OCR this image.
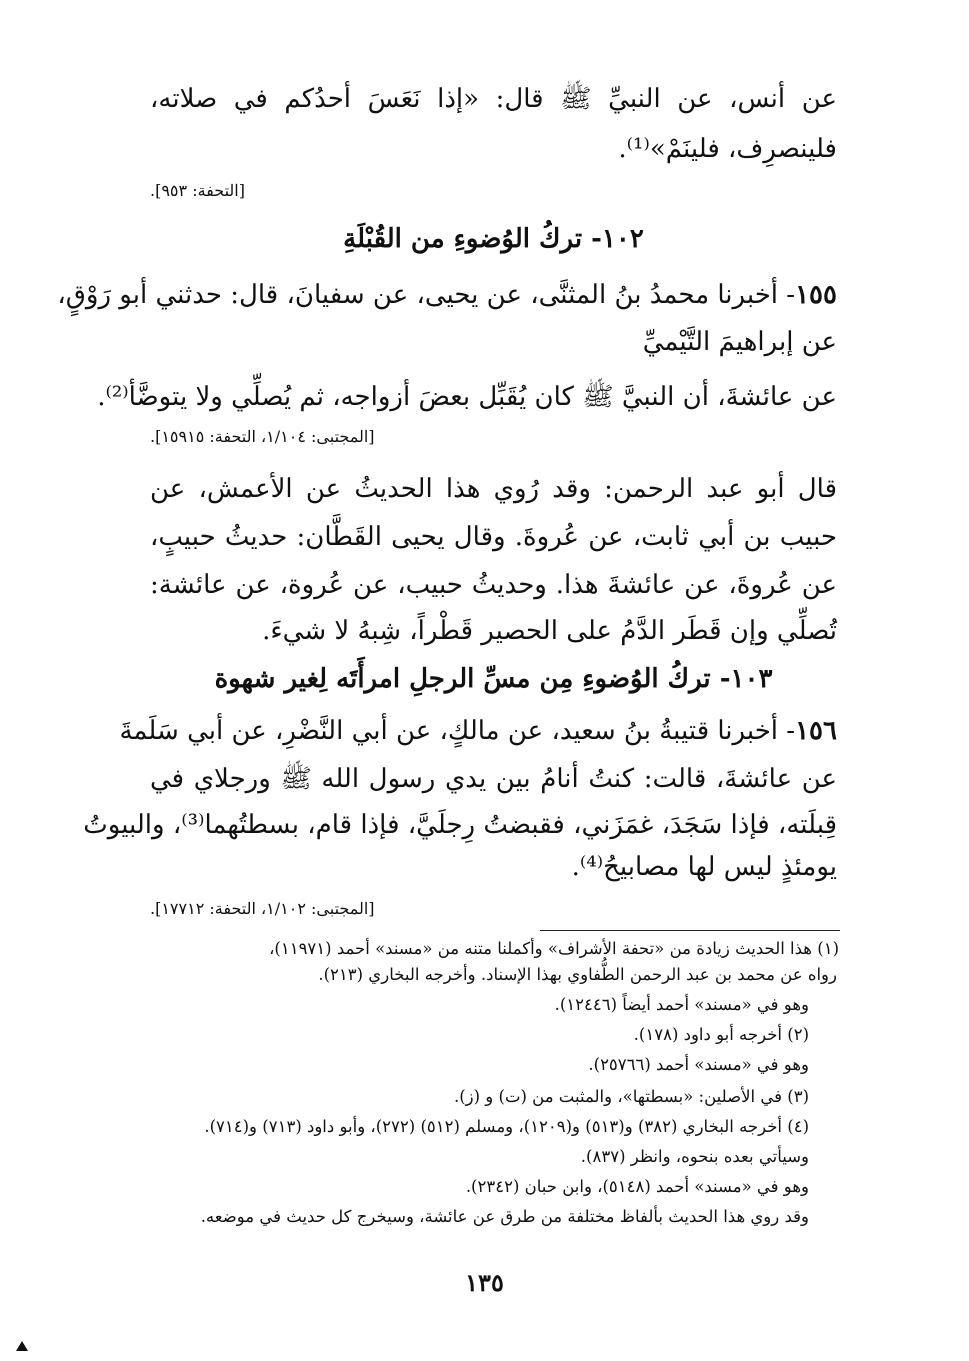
عن أنس، عن النبيِّ ﷺ قال: «إذا نَعَسَ أحدُكم في صلاته،
فلينصرِف، فلينَمْ»⁽¹⁾.
[التحفة: ٩٥٣].
١٠٢- تركُ الوُضوءِ من القُبْلَةِ
١٥٥- أخبرنا محمدُ بنُ المثنَّى، عن يحيى، عن سفيانَ، قال: حدثني أبو رَوْقٍ،
عن إبراهيمَ التَّيْميِّ
عن عائشةَ، أن النبيَّ ﷺ كان يُقَبِّل بعضَ أزواجه، ثم يُصلِّي ولا يتوضَّأ⁽²⁾.
[المجتبى: ١/١٠٤، التحفة: ١٥٩١٥].
قال أبو عبد الرحمن: وقد رُوي هذا الحديثُ عن الأعمش، عن
حبيب بن أبي ثابت، عن عُروةَ. وقال يحيى القَطَّان: حديثُ حبيبٍ،
عن عُروةَ، عن عائشةَ هذا. وحديثُ حبيب، عن عُروة، عن عائشة:
تُصلِّي وإن قَطَر الدَّمُ على الحصير قَطْراً، شِبهُ لا شيءَ.
١٠٣- تركُ الوُضوءِ مِن مسِّ الرجلِ امرأَتَه لِغير شهوة
١٥٦- أخبرنا قتيبةُ بنُ سعيد، عن مالكٍ، عن أبي النَّضْرِ، عن أبي سَلَمةَ
عن عائشةَ، قالت: كنتُ أنامُ بين يدي رسول الله ﷺ ورجلاي في
قِبلَته، فإذا سَجَدَ، غمَزَني، فقبضتُ رِجلَيَّ، فإذا قام، بسطتُهما⁽³⁾، والبيوتُ
يومئذٍ ليس لها مصابيحُ⁽⁴⁾.
[المجتبى: ١/١٠٢، التحفة: ١٧٧١٢].
(١) هذا الحديث زيادة من «تحفة الأشراف» وأكملنا متنه من «مسند» أحمد (١١٩٧١)،
رواه عن محمد بن عبد الرحمن الطُّفاوي بهذا الإسناد. وأخرجه البخاري (٢١٣).
وهو في «مسند» أحمد أيضاً (١٢٤٤٦).
(٢) أخرجه أبو داود (١٧٨).
وهو في «مسند» أحمد (٢٥٧٦٦).
(٣) في الأصلين: «بسطتها»، والمثبت من (ت) و (ز).
(٤) أخرجه البخاري (٣٨٢) و(٥١٣) و(١٢٠٩)، ومسلم (٥١٢) (٢٧٢)، وأبو داود (٧١٣) و(٧١٤).
وسيأتي بعده بنحوه، وانظر (٨٣٧).
وهو في «مسند» أحمد (٥١٤٨)، وابن حبان (٢٣٤٢).
وقد روي هذا الحديث بألفاظ مختلفة من طرق عن عائشة، وسيخرج كل حديث في موضعه.
١٣٥
